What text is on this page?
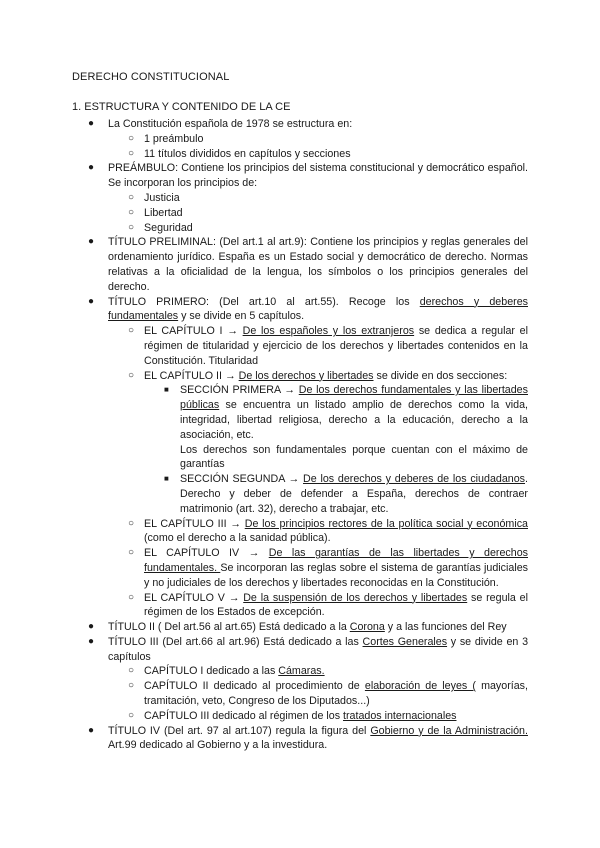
DERECHO CONSTITUCIONAL
1. ESTRUCTURA Y CONTENIDO DE LA CE
● La Constitución española de 1978 se estructura en:
○ 1 preámbulo
○ 11 títulos divididos en capítulos y secciones
● PREÁMBULO: Contiene los principios del sistema constitucional y democrático español. Se incorporan los principios de:
○ Justicia
○ Libertad
○ Seguridad
● TÍTULO PRELIMINAL: (Del art.1 al art.9): Contiene los principios y reglas generales del ordenamiento jurídico. España es un Estado social y democrático de derecho. Normas relativas a la oficialidad de la lengua, los símbolos o los principios generales del derecho.
● TÍTULO PRIMERO: (Del art.10 al art.55). Recoge los derechos y deberes fundamentales y se divide en 5 capítulos.
○ EL CAPÍTULO I → De los españoles y los extranjeros se dedica a regular el régimen de titularidad y ejercicio de los derechos y libertades contenidos en la Constitución. Titularidad
○ EL CAPÍTULO II → De los derechos y libertades se divide en dos secciones:
■ SECCIÓN PRIMERA → De los derechos fundamentales y las libertades públicas se encuentra un listado amplio de derechos como la vida, integridad, libertad religiosa, derecho a la educación, derecho a la asociación, etc.
Los derechos son fundamentales porque cuentan con el máximo de garantías
■ SECCIÓN SEGUNDA → De los derechos y deberes de los ciudadanos. Derecho y deber de defender a España, derechos de contraer matrimonio (art. 32), derecho a trabajar, etc.
○ EL CAPÍTULO III → De los principios rectores de la política social y económica (como el derecho a la sanidad pública).
○ EL CAPÍTULO IV → De las garantías de las libertades y derechos fundamentales. Se incorporan las reglas sobre el sistema de garantías judiciales y no judiciales de los derechos y libertades reconocidas en la Constitución.
○ EL CAPÍTULO V → De la suspensión de los derechos y libertades se regula el régimen de los Estados de excepción.
● TÍTULO II ( Del art.56 al art.65) Está dedicado a la Corona y a las funciones del Rey
● TÍTULO III (Del art.66 al art.96) Está dedicado a las Cortes Generales y se divide en 3 capítulos
○ CAPÍTULO I dedicado a las Cámaras.
○ CAPÍTULO II dedicado al procedimiento de elaboración de leyes ( mayorías, tramitación, veto, Congreso de los Diputados...)
○ CAPÍTULO III dedicado al régimen de los tratados internacionales
● TÍTULO IV (Del art. 97 al art.107) regula la figura del Gobierno y de la Administración. Art.99 dedicado al Gobierno y a la investidura.
